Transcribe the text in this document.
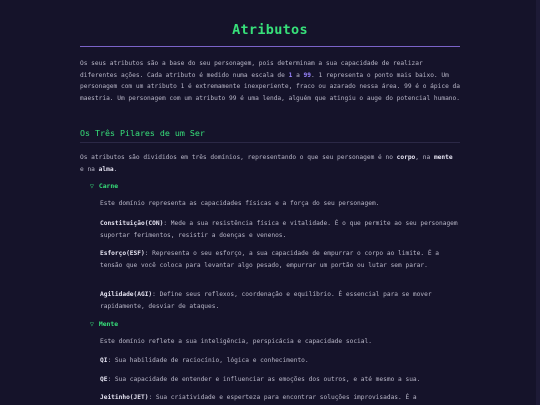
Atributos
Os seus atributos são a base do seu personagem, pois determinam a sua capacidade de realizar diferentes ações. Cada atributo é medido numa escala de 1 a 99. 1 representa o ponto mais baixo. Um personagem com um atributo 1 é extremamente inexperiente, fraco ou azarado nessa área. 99 é o ápice da maestria. Um personagem com um atributo 99 é uma lenda, alguém que atingiu o auge do potencial humano.
Os Três Pilares de um Ser
Os atributos são divididos em três domínios, representando o que seu personagem é no corpo, na mente e na alma.
▽ Carne
Este domínio representa as capacidades físicas e a força do seu personagem.
Constituição(CON): Mede a sua resistência física e vitalidade. É o que permite ao seu personagem suportar ferimentos, resistir a doenças e venenos.
Esforço(ESF): Representa o seu esforço, a sua capacidade de empurrar o corpo ao limite. É a tensão que você coloca para levantar algo pesado, empurrar um portão ou lutar sem parar.
Agilidade(AGI): Define seus reflexos, coordenação e equilíbrio. É essencial para se mover rapidamente, desviar de ataques.
▽ Mente
Este domínio reflete a sua inteligência, perspicácia e capacidade social.
QI: Sua habilidade de raciocínio, lógica e conhecimento.
QE: Sua capacidade de entender e influenciar as emoções dos outros, e até mesmo a sua.
Jeitinho(JET): Sua criatividade e esperteza para encontrar soluções improvisadas. É a
